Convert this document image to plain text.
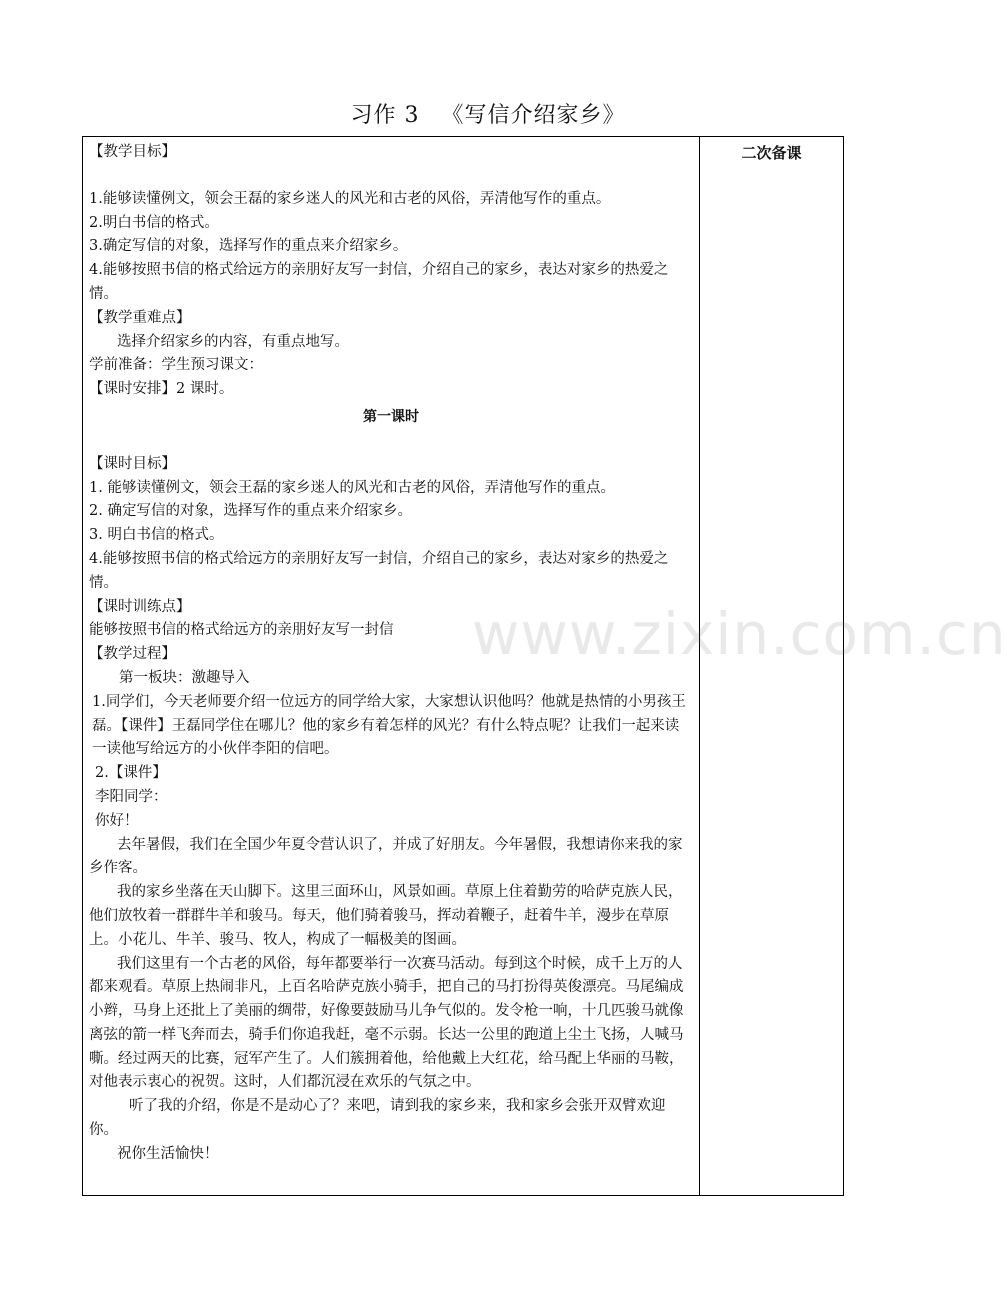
习作 3 《写信介绍家乡》

【教学目标】

1.能够读懂例文，领会王磊的家乡迷人的风光和古老的风俗，弄清他写作的重点。

2.明白书信的格式。

3.确定写信的对象，选择写作的重点来介绍家乡。

4.能够按照书信的格式给远方的亲朋好友写一封信，介绍自己的家乡，表达对家乡的热爱之情。

【教学重难点】

选择介绍家乡的内容，有重点地写。

学前准备：学生预习课文：

【课时安排】2 课时。

第一课时

【课时目标】

1. 能够读懂例文，领会王磊的家乡迷人的风光和古老的风俗，弄清他写作的重点。

2. 确定写信的对象，选择写作的重点来介绍家乡。

3. 明白书信的格式。

4.能够按照书信的格式给远方的亲朋好友写一封信，介绍自己的家乡，表达对家乡的热爱之情。

【课时训练点】

能够按照书信的格式给远方的亲朋好友写一封信

【教学过程】

第一板块：激趣导入

1.同学们，今天老师要介绍一位远方的同学给大家，大家想认识他吗？他就是热情的小男孩王磊。【课件】王磊同学住在哪儿？他的家乡有着怎样的风光？有什么特点呢？让我们一起来读一读他写给远方的小伙伴李阳的信吧。

2.【课件】

李阳同学：

你好！

去年暑假，我们在全国少年夏令营认识了，并成了好朋友。今年暑假，我想请你来我的家乡作客。

我的家乡坐落在天山脚下。这里三面环山，风景如画。草原上住着勤劳的哈萨克族人民，他们放牧着一群群牛羊和骏马。每天，他们骑着骏马，挥动着鞭子，赶着牛羊，漫步在草原上。小花儿、牛羊、骏马、牧人，构成了一幅极美的图画。

我们这里有一个古老的风俗，每年都要举行一次赛马活动。每到这个时候，成千上万的人都来观看。草原上热闹非凡，上百名哈萨克族小骑手，把自己的马打扮得英俊漂亮。马尾编成小辫，马身上还批上了美丽的绸带，好像要鼓励马儿争气似的。发令枪一响，十几匹骏马就像离弦的箭一样飞奔而去，骑手们你追我赶，毫不示弱。长达一公里的跑道上尘土飞扬，人喊马嘶。经过两天的比赛，冠军产生了。人们簇拥着他，给他戴上大红花，给马配上华丽的马鞍，对他表示衷心的祝贺。这时，人们都沉浸在欢乐的气氛之中。

听了我的介绍，你是不是动心了？来吧，请到我的家乡来，我和家乡会张开双臂欢迎你。

祝你生活愉快！

二次备课
www.zixin.com.cn
